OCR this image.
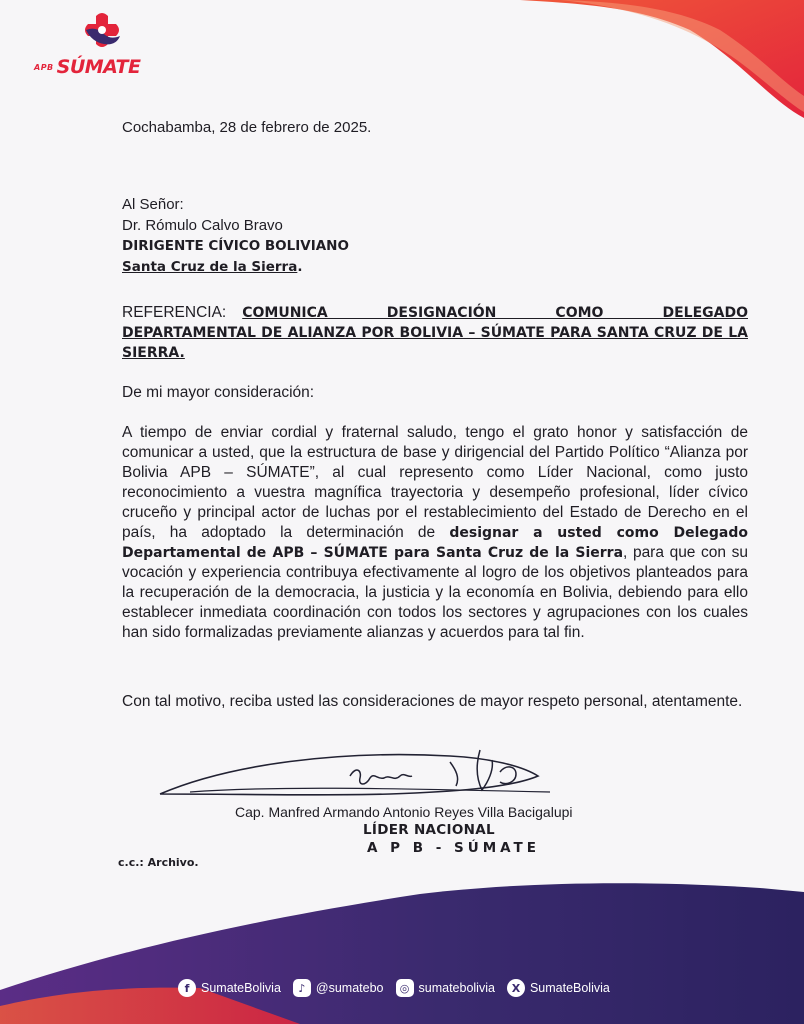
APB SÚMATE
Cochabamba, 28 de febrero de 2025.
Al Señor:
Dr. Rómulo Calvo Bravo
DIRIGENTE CÍVICO BOLIVIANO
Santa Cruz de la Sierra.
REFERENCIA: COMUNICA DESIGNACIÓN COMO DELEGADO
DEPARTAMENTAL DE ALIANZA POR BOLIVIA – SÚMATE PARA SANTA CRUZ DE LA SIERRA.
De mi mayor consideración:
A tiempo de enviar cordial y fraternal saludo, tengo el grato honor y satisfacción de comunicar a usted, que la estructura de base y dirigencial del Partido Político “Alianza por Bolivia APB – SÚMATE”, al cual represento como Líder Nacional, como justo reconocimiento a vuestra magnífica trayectoria y desempeño profesional, líder cívico cruceño y principal actor de luchas por el restablecimiento del Estado de Derecho en el país, ha adoptado la determinación de designar a usted como Delegado Departamental de APB – SÚMATE para Santa Cruz de la Sierra, para que con su vocación y experiencia contribuya efectivamente al logro de los objetivos planteados para la recuperación de la democracia, la justicia y la economía en Bolivia, debiendo para ello establecer inmediata coordinación con todos los sectores y agrupaciones con los cuales han sido formalizadas previamente alianzas y acuerdos para tal fin.
Con tal motivo, reciba usted las consideraciones de mayor respeto personal, atentamente.
Cap. Manfred Armando Antonio Reyes Villa Bacigalupi
LÍDER NACIONAL
A P B - SÚMATE
c.c.: Archivo.
f SumateBolivia	♪ @sumatebo	◎ sumatebolivia	X SumateBolivia
